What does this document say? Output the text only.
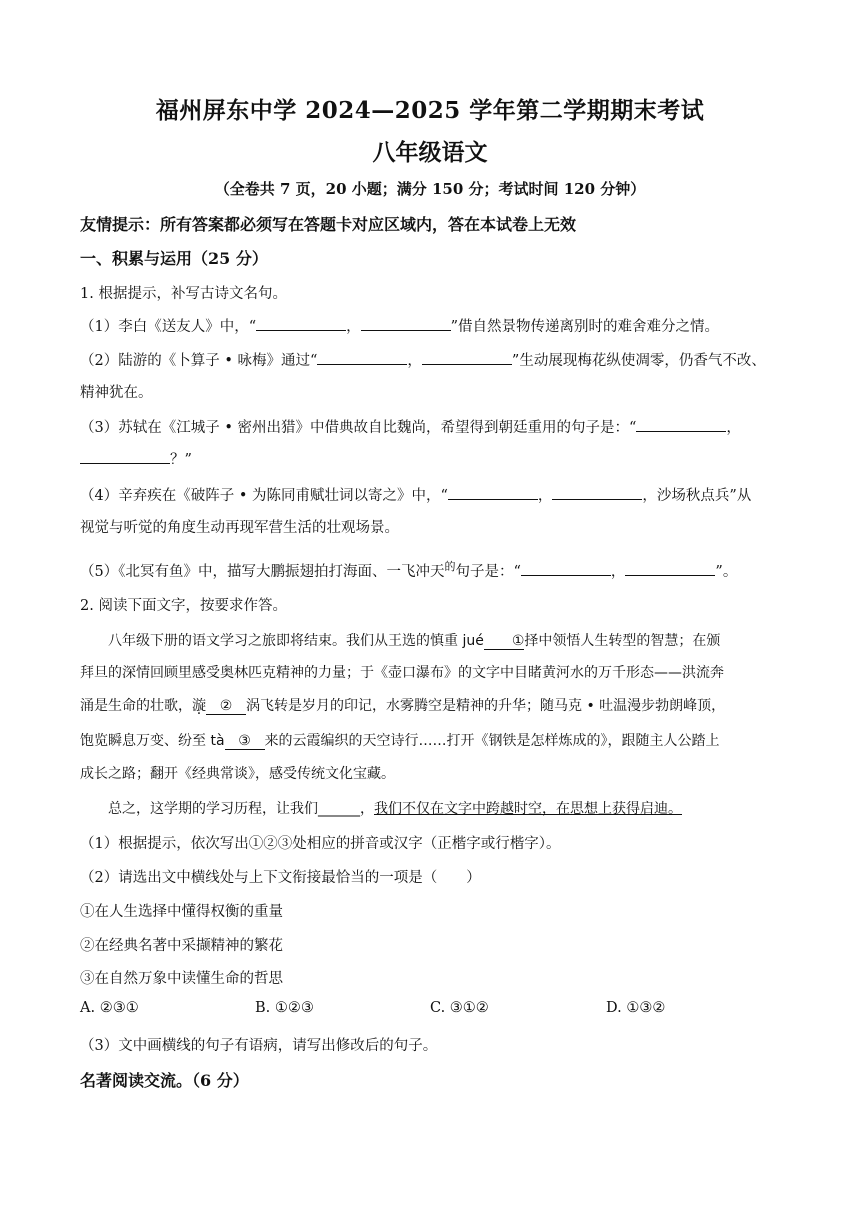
福州屏东中学 2024—2025 学年第二学期期末考试
八年级语文
（全卷共 7 页，20 小题；满分 150 分；考试时间 120 分钟）
友情提示：所有答案都必须写在答题卡对应区域内，答在本试卷上无效
一、积累与运用（25 分）
1. 根据提示，补写古诗文名句。
（1）李白《送友人》中，“	，	”借自然景物传递离别时的难舍难分之情。
（2）陆游的《卜算子 • 咏梅》通过“	，	”生动展现梅花纵使凋零，仍香气不改、
精神犹在。
（3）苏轼在《江城子 • 密州出猎》中借典故自比魏尚，希望得到朝廷重用的句子是：“	，
？”
（4）辛弃疾在《破阵子 • 为陈同甫赋壮词以寄之》中，“	，	，沙场秋点兵”从
视觉与听觉的角度生动再现军营生活的壮观场景。
（5）《北冥有鱼》中，描写大鹏振翅拍打海面、一飞冲天$^的$句子是：“	，	”。
2. 阅读下面文字，按要求作答。
八年级下册的语文学习之旅即将结束。我们从王选的慎重 jué ①择中领悟人生转型的智慧；在颁
拜旦的深情回顾里感受奥林匹克精神的力量；于《壶口瀑布》的文字中目睹黄河水的万千形态——洪流奔
涌是生命的壮歌，漩 ② 涡飞转是岁月的印记，水雾腾空是精神的升华；随马克 • 吐温漫步勃朗峰顶，
饱览瞬息万变、纷至 tà ③ 来的云霞编织的天空诗行……打开《钢铁是怎样炼成的》，跟随主人公踏上
成长之路；翻开《经典常谈》，感受传统文化宝藏。
总之，这学期的学习历程，让我们______，我们不仅在文字中跨越时空，在思想上获得启迪。
（1）根据提示，依次写出①②③处相应的拼音或汉字（正楷字或行楷字）。
（2）请选出文中横线处与上下文衔接最恰当的一项是（　　）
①在人生选择中懂得权衡的重量
②在经典名著中采撷精神的繁花
③在自然万象中读懂生命的哲思
A. ②③①	B. ①②③	C. ③①②	D. ①③②
（3）文中画横线的句子有语病，请写出修改后的句子。
名著阅读交流。（6 分）
